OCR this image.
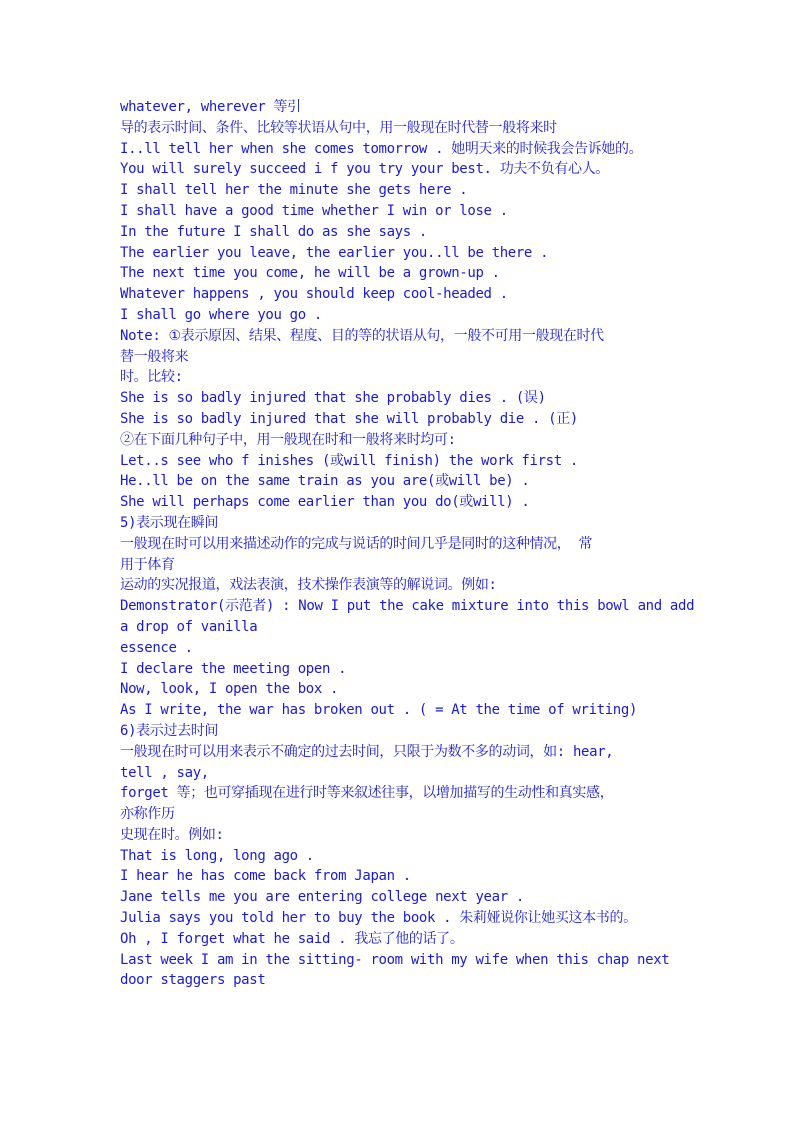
whatever, wherever 等引
导的表示时间、条件、比较等状语从句中，用一般现在时代替一般将来时
I..ll tell her when she comes tomorrow . 她明天来的时候我会告诉她的。
You will surely succeed i f you try your best. 功夫不负有心人。
I shall tell her the minute she gets here .
I shall have a good time whether I win or lose .
In the future I shall do as she says .
The earlier you leave, the earlier you..ll be there .
The next time you come, he will be a grown-up .
Whatever happens , you should keep cool-headed .
I shall go where you go .
Note: ①表示原因、结果、程度、目的等的状语从句，一般不可用一般现在时代
替一般将来
时。比较:
She is so badly injured that she probably dies . (误)
She is so badly injured that she will probably die . (正)
②在下面几种句子中，用一般现在时和一般将来时均可:
Let..s see who f inishes (或will finish) the work first .
He..ll be on the same train as you are(或will be) .
She will perhaps come earlier than you do(或will) .
5)表示现在瞬间
一般现在时可以用来描述动作的完成与说话的时间几乎是同时的这种情况， 常
用于体育
运动的实况报道，戏法表演，技术操作表演等的解说词。例如:
Demonstrator(示范者) : Now I put the cake mixture into this bowl and add
a drop of vanilla
essence .
I declare the meeting open .
Now, look, I open the box .
As I write, the war has broken out . ( = At the time of writing)
6)表示过去时间
一般现在时可以用来表示不确定的过去时间，只限于为数不多的动词，如: hear,
tell , say,
forget 等；也可穿插现在进行时等来叙述往事，以增加描写的生动性和真实感，
亦称作历
史现在时。例如:
That is long, long ago .
I hear he has come back from Japan .
Jane tells me you are entering college next year .
Julia says you told her to buy the book . 朱莉娅说你让她买这本书的。
Oh , I forget what he said . 我忘了他的话了。
Last week I am in the sitting- room with my wife when this chap next
door staggers past
